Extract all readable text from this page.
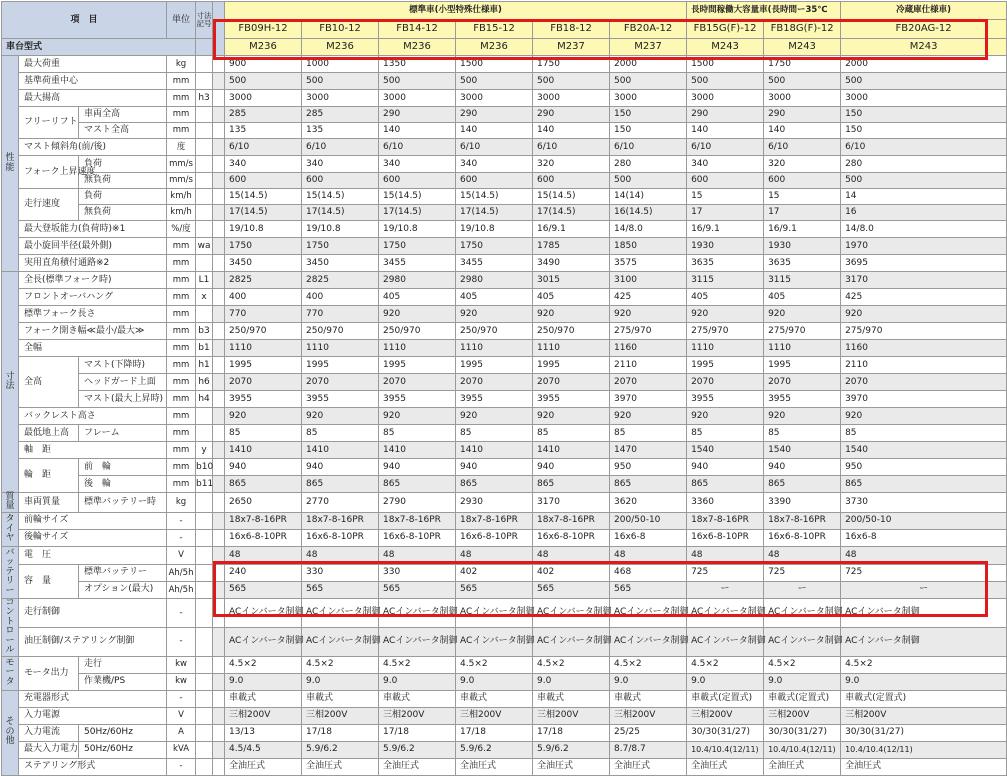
項　目			単位	寸法記号		標準車(小型特殊仕様車)						長時間稼働大容量車(長時間ー35℃		冷蔵庫仕様車)
						FB09H-12	FB10-12	FB14-12	FB15-12	FB18-12	FB20A-12	FB15G(F)-12	FB18G(F)-12	FB20AG-12
車台型式						M236	M236	M236	M236	M237	M237	M243	M243	M243
性　　能	最大荷重		kg			900	1000	1350	1500	1750	2000	1500	1750	2000
	基準荷重中心		mm			500	500	500	500	500	500	500	500	500
	最大揚高		mm	h3		3000	3000	3000	3000	3000	3000	3000	3000	3000
	フリーリフト	車両全高	mm			285	285	290	290	290	150	290	290	150
		マスト全高	mm			135	135	140	140	140	150	140	140	150
	マスト傾斜角(前/後)		度			6/10	6/10	6/10	6/10	6/10	6/10	6/10	6/10	6/10
	フォーク上昇速度	負荷	mm/s			340	340	340	340	320	280	340	320	280
		無負荷	mm/s			600	600	600	600	600	500	600	600	500
	走行速度	負荷	km/h			15(14.5)	15(14.5)	15(14.5)	15(14.5)	15(14.5)	14(14)	15	15	14
		無負荷	km/h			17(14.5)	17(14.5)	17(14.5)	17(14.5)	17(14.5)	16(14.5)	17	17	16
	最大登坂能力(負荷時)※1		%/度			19/10.8	19/10.8	19/10.8	19/10.8	16/9.1	14/8.0	16/9.1	16/9.1	14/8.0
	最小旋回半径(最外側)		mm	wa		1750	1750	1750	1750	1785	1850	1930	1930	1970
	実用直角積付通路※2		mm			3450	3450	3455	3455	3490	3575	3635	3635	3695
寸　　法	全長(標準フォーク時)		mm	L1		2825	2825	2980	2980	3015	3100	3115	3115	3170
	フロントオーバハング		mm	x		400	400	405	405	405	425	405	405	425
	標準フォーク長さ		mm			770	770	920	920	920	920	920	920	920
	フォーク開き幅≪最小/最大≫		mm	b3		250/970	250/970	250/970	250/970	250/970	275/970	275/970	275/970	275/970
	全幅		mm	b1		1110	1110	1110	1110	1110	1160	1110	1110	1160
	全高	マスト(下降時)	mm	h1		1995	1995	1995	1995	1995	2110	1995	1995	2110
		ヘッドガード上面	mm	h6		2070	2070	2070	2070	2070	2070	2070	2070	2070
		マスト(最大上昇時)	mm	h4		3955	3955	3955	3955	3955	3970	3955	3955	3970
	バックレスト高さ		mm			920	920	920	920	920	920	920	920	920
	最低地上高	フレーム	mm			85	85	85	85	85	85	85	85	85
	軸　距		mm	y		1410	1410	1410	1410	1410	1470	1540	1540	1540
	輪　距	前　輪	mm	b10		940	940	940	940	940	950	940	940	950
		後　輪	mm	b11		865	865	865	865	865	865	865	865	865
質量	車両質量	標準バッテリー時	kg			2650	2770	2790	2930	3170	3620	3360	3390	3730
タイヤ	前輪サイズ		-			18x7-8-16PR	18x7-8-16PR	18x7-8-16PR	18x7-8-16PR	18x7-8-16PR	200/50-10	18x7-8-16PR	18x7-8-16PR	200/50-10
	後輪サイズ		-			16x6-8-10PR	16x6-8-10PR	16x6-8-10PR	16x6-8-10PR	16x6-8-10PR	16x6-8	16x6-8-10PR	16x6-8-10PR	16x6-8
バッテリー	電　圧		V			48	48	48	48	48	48	48	48	48
	容　量	標準バッテリー	Ah/5h			240	330	330	402	402	468	725	725	725
		オプション(最大)	Ah/5h			565	565	565	565	565	565	ー	ー	ー
コントロール	走行制御		-			ACインバータ制御	ACインバータ制御	ACインバータ制御	ACインバータ制御	ACインバータ制御	ACインバータ制御	ACインバータ制御	ACインバータ制御	ACインバータ制御
	油圧制御/ステアリング制御		-			ACインバータ制御	ACインバータ制御	ACインバータ制御	ACインバータ制御	ACインバータ制御	ACインバータ制御	ACインバータ制御	ACインバータ制御	ACインバータ制御
モータ	モータ出力	走行	kw			4.5×2	4.5×2	4.5×2	4.5×2	4.5×2	4.5×2	4.5×2	4.5×2	4.5×2
		作業機/PS	kw			9.0	9.0	9.0	9.0	9.0	9.0	9.0	9.0	9.0
その他	充電器形式		-			車載式	車載式	車載式	車載式	車載式	車載式	車載式(定置式)	車載式(定置式)	車載式(定置式)
	入力電源		V			三相200V	三相200V	三相200V	三相200V	三相200V	三相200V	三相200V	三相200V	三相200V
	入力電流	50Hz/60Hz	A			13/13	17/18	17/18	17/18	17/18	25/25	30/30(31/27)	30/30(31/27)	30/30(31/27)
	最大入力電力	50Hz/60Hz	kVA			4.5/4.5	5.9/6.2	5.9/6.2	5.9/6.2	5.9/6.2	8.7/8.7	10.4/10.4(12/11)	10.4/10.4(12/11)	10.4/10.4(12/11)
	ステアリング形式		-			全油圧式	全油圧式	全油圧式	全油圧式	全油圧式	全油圧式	全油圧式	全油圧式	全油圧式
